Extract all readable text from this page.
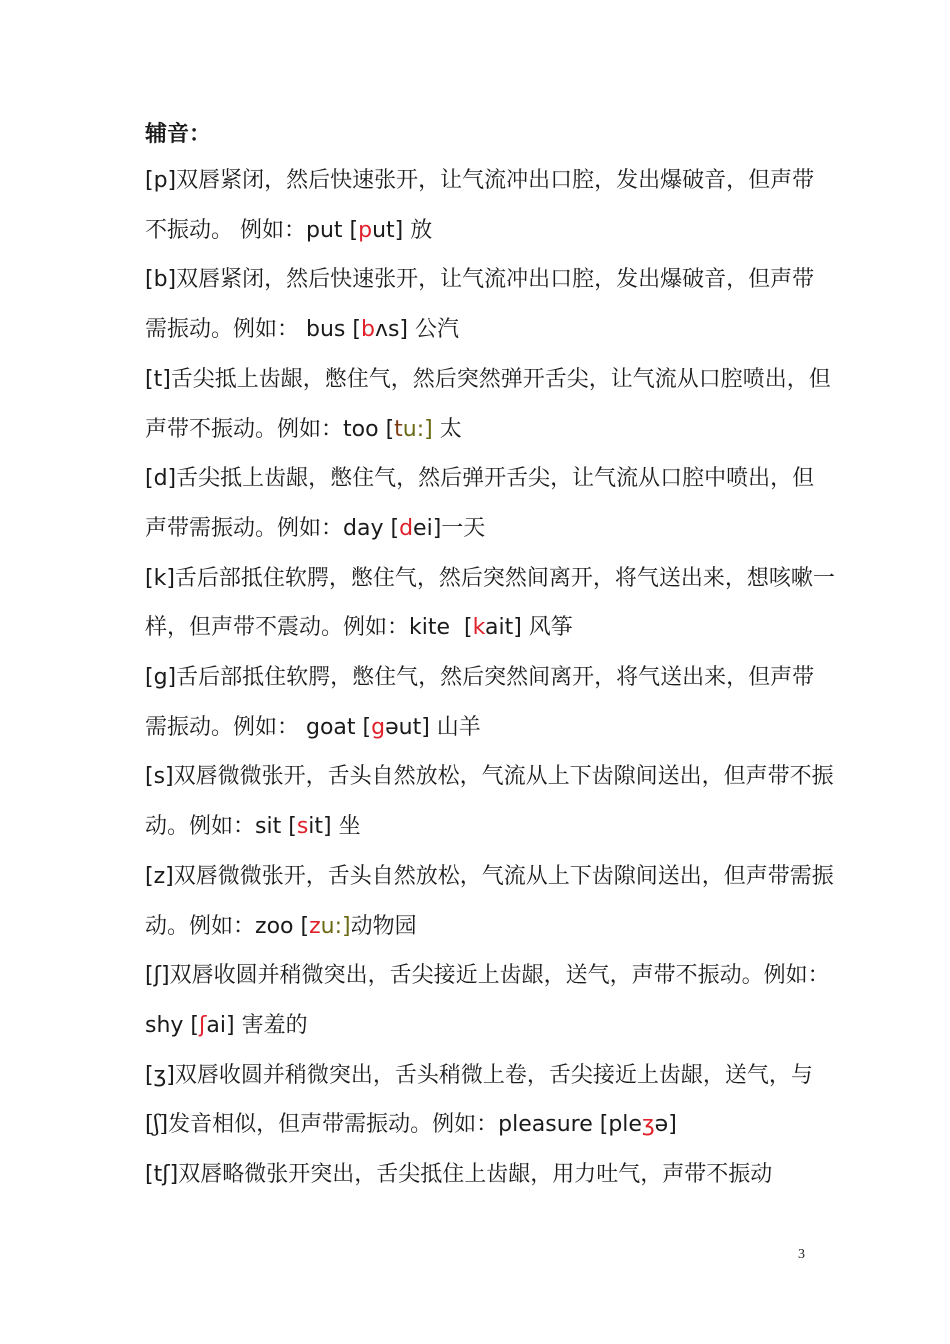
辅音：
[p]双唇紧闭，然后快速张开，让气流冲出口腔，发出爆破音，但声带不振动。 例如：put [put] 放
[b]双唇紧闭，然后快速张开，让气流冲出口腔，发出爆破音，但声带需振动。例如： bus [bʌs] 公汽
[t]舌尖抵上齿龈，憋住气，然后突然弹开舌尖，让气流从口腔喷出，但声带不振动。例如：too [tu:] 太
[d]舌尖抵上齿龈，憋住气，然后弹开舌尖，让气流从口腔中喷出，但声带需振动。例如：day [dei]一天
[k]舌后部抵住软腭，憋住气，然后突然间离开，将气送出来，想咳嗽一样，但声带不震动。例如：kite  [kait] 风筝
[g]舌后部抵住软腭，憋住气，然后突然间离开，将气送出来，但声带需振动。例如： goat [gəut] 山羊
[s]双唇微微张开，舌头自然放松，气流从上下齿隙间送出，但声带不振动。例如：sit [sit] 坐
[z]双唇微微张开，舌头自然放松，气流从上下齿隙间送出，但声带需振动。例如：zoo [zu:]动物园
[ʃ]双唇收圆并稍微突出，舌尖接近上齿龈，送气，声带不振动。例如：shy [ʃai] 害羞的
[ʒ]双唇收圆并稍微突出，舌头稍微上卷，舌尖接近上齿龈，送气，与[ʃ]发音相似，但声带需振动。例如：pleasure [pleʒə]
[tʃ]双唇略微张开突出，舌尖抵住上齿龈，用力吐气，声带不振动
3
